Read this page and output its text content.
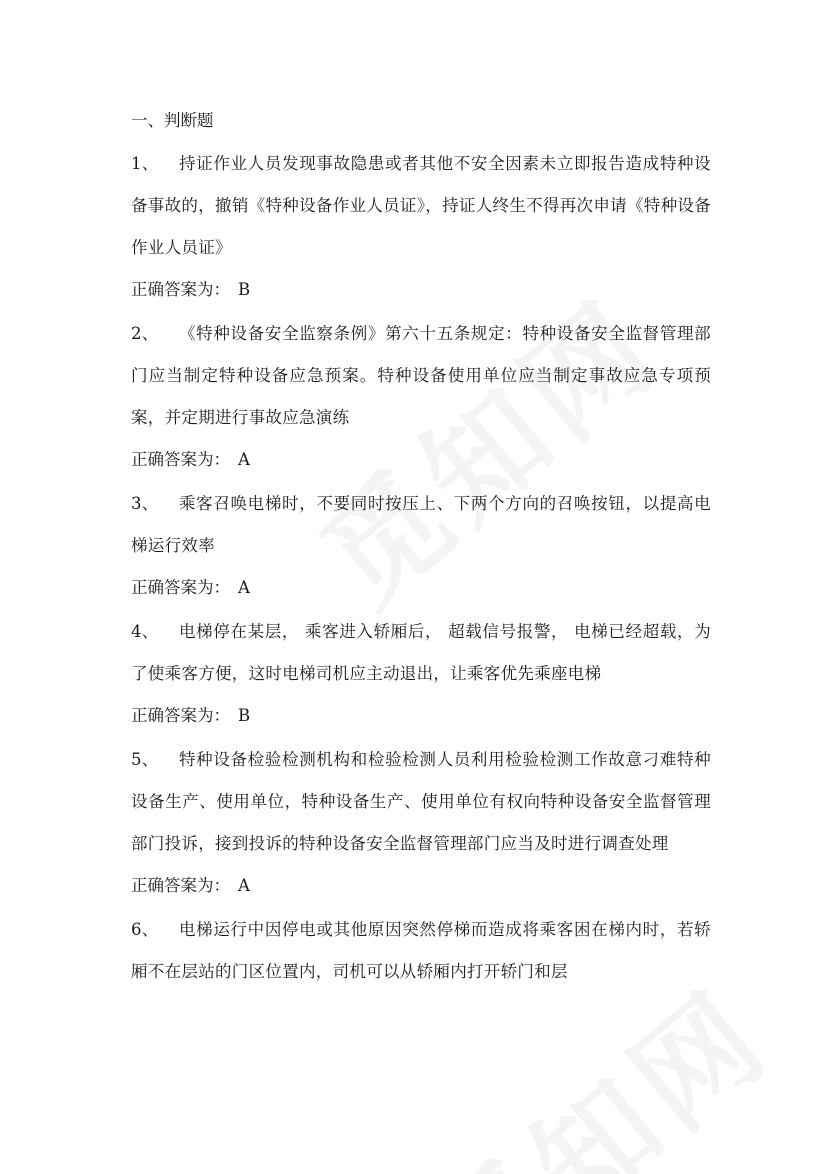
一、判断题
1、 持证作业人员发现事故隐患或者其他不安全因素未立即报告造成特种设备事故的，撤销《特种设备作业人员证》，持证人终生不得再次申请《特种设备作业人员证》
正确答案为： B
2、 《特种设备安全监察条例》第六十五条规定：特种设备安全监督管理部门应当制定特种设备应急预案。特种设备使用单位应当制定事故应急专项预案，并定期进行事故应急演练
正确答案为： A
3、 乘客召唤电梯时，不要同时按压上、下两个方向的召唤按钮，以提高电梯运行效率
正确答案为： A
4、 电梯停在某层， 乘客进入轿厢后， 超载信号报警， 电梯已经超载，为了使乘客方便，这时电梯司机应主动退出，让乘客优先乘座电梯
正确答案为： B
5、 特种设备检验检测机构和检验检测人员利用检验检测工作故意刁难特种设备生产、使用单位，特种设备生产、使用单位有权向特种设备安全监督管理部门投诉，接到投诉的特种设备安全监督管理部门应当及时进行调查处理
正确答案为： A
6、 电梯运行中因停电或其他原因突然停梯而造成将乘客困在梯内时，若轿厢不在层站的门区位置内，司机可以从轿厢内打开轿门和层
